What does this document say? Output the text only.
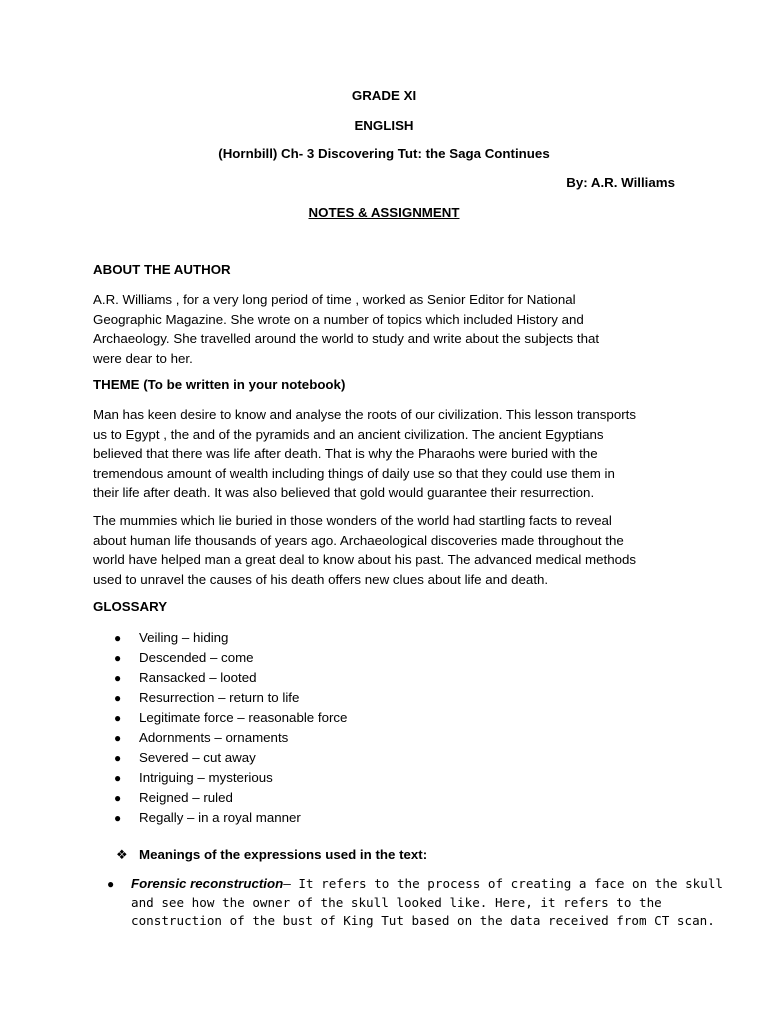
GRADE XI
ENGLISH
(Hornbill) Ch- 3 Discovering Tut: the Saga Continues
By: A.R. Williams
NOTES & ASSIGNMENT
ABOUT THE AUTHOR

A.R. Williams , for a very long period of time , worked as Senior Editor for National
Geographic Magazine. She wrote on a number of topics which included History and
Archaeology. She travelled around the world to study and write about the subjects that
were dear to her.

THEME (To be written in your notebook)

Man has keen desire to know and analyse the roots of our civilization. This lesson transports
us to Egypt , the and of the pyramids and an ancient civilization. The ancient Egyptians
believed that there was life after death. That is why the Pharaohs were buried with the
tremendous amount of wealth including things of daily use so that they could use them in
their life after death. It was also believed that gold would guarantee their resurrection.

The mummies which lie buried in those wonders of the world had startling facts to reveal
about human life thousands of years ago. Archaeological discoveries made throughout the
world have helped man a great deal to know about his past. The advanced medical methods
used to unravel the causes of his death offers new clues about life and death.

GLOSSARY
● Veiling – hiding
● Descended – come
● Ransacked – looted
● Resurrection – return to life
● Legitimate force – reasonable force
● Adornments – ornaments
● Severed – cut away
● Intriguing – mysterious
● Reigned – ruled
● Regally – in a royal manner
❖ Meanings of the expressions used in the text:
● Forensic reconstruction– It refers to the process of creating a face on the skull
and see how the owner of the skull looked like. Here, it refers to the
construction of the bust of King Tut based on the data received from CT scan.
